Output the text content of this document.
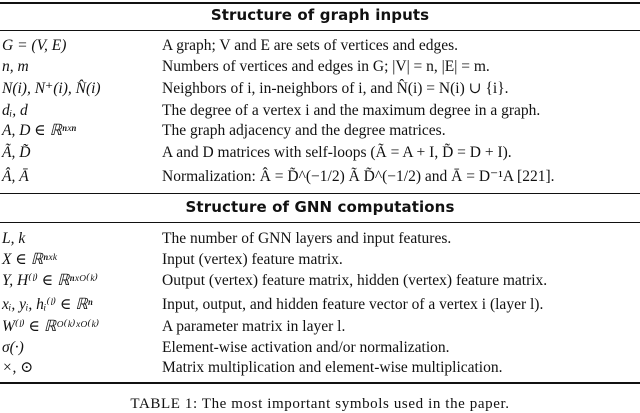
Structure of graph inputs
G = (V, E)	A graph; V and E are sets of vertices and edges.
n, m	Numbers of vertices and edges in G; |V| = n, |E| = m.
N(i), N⁺(i), N̂(i)	Neighbors of i, in-neighbors of i, and N̂(i) = N(i) ∪ {i}.
dᵢ, d	The degree of a vertex i and the maximum degree in a graph.
A, D ∈ ℝⁿˣⁿ	The graph adjacency and the degree matrices.
Ã, D̃	A and D matrices with self-loops (Ã = A + I, D̃ = D + I).
Â, Ā	Normalization: Â = D̃^(−1/2) Ã D̃^(−1/2) and Ā = D⁻¹A [221].
Structure of GNN computations
L, k	The number of GNN layers and input features.
X ∈ ℝⁿˣᵏ	Input (vertex) feature matrix.
Y, H⁽ˡ⁾ ∈ ℝⁿˣᴼ⁽ᵏ⁾	Output (vertex) feature matrix, hidden (vertex) feature matrix.
xᵢ, yᵢ, hᵢ⁽ˡ⁾ ∈ ℝⁿ	Input, output, and hidden feature vector of a vertex i (layer l).
W⁽ˡ⁾ ∈ ℝᴼ⁽ᵏ⁾ˣᴼ⁽ᵏ⁾	A parameter matrix in layer l.
σ(·)	Element-wise activation and/or normalization.
×, ⊙	Matrix multiplication and element-wise multiplication.
TABLE 1: The most important symbols used in the paper.
